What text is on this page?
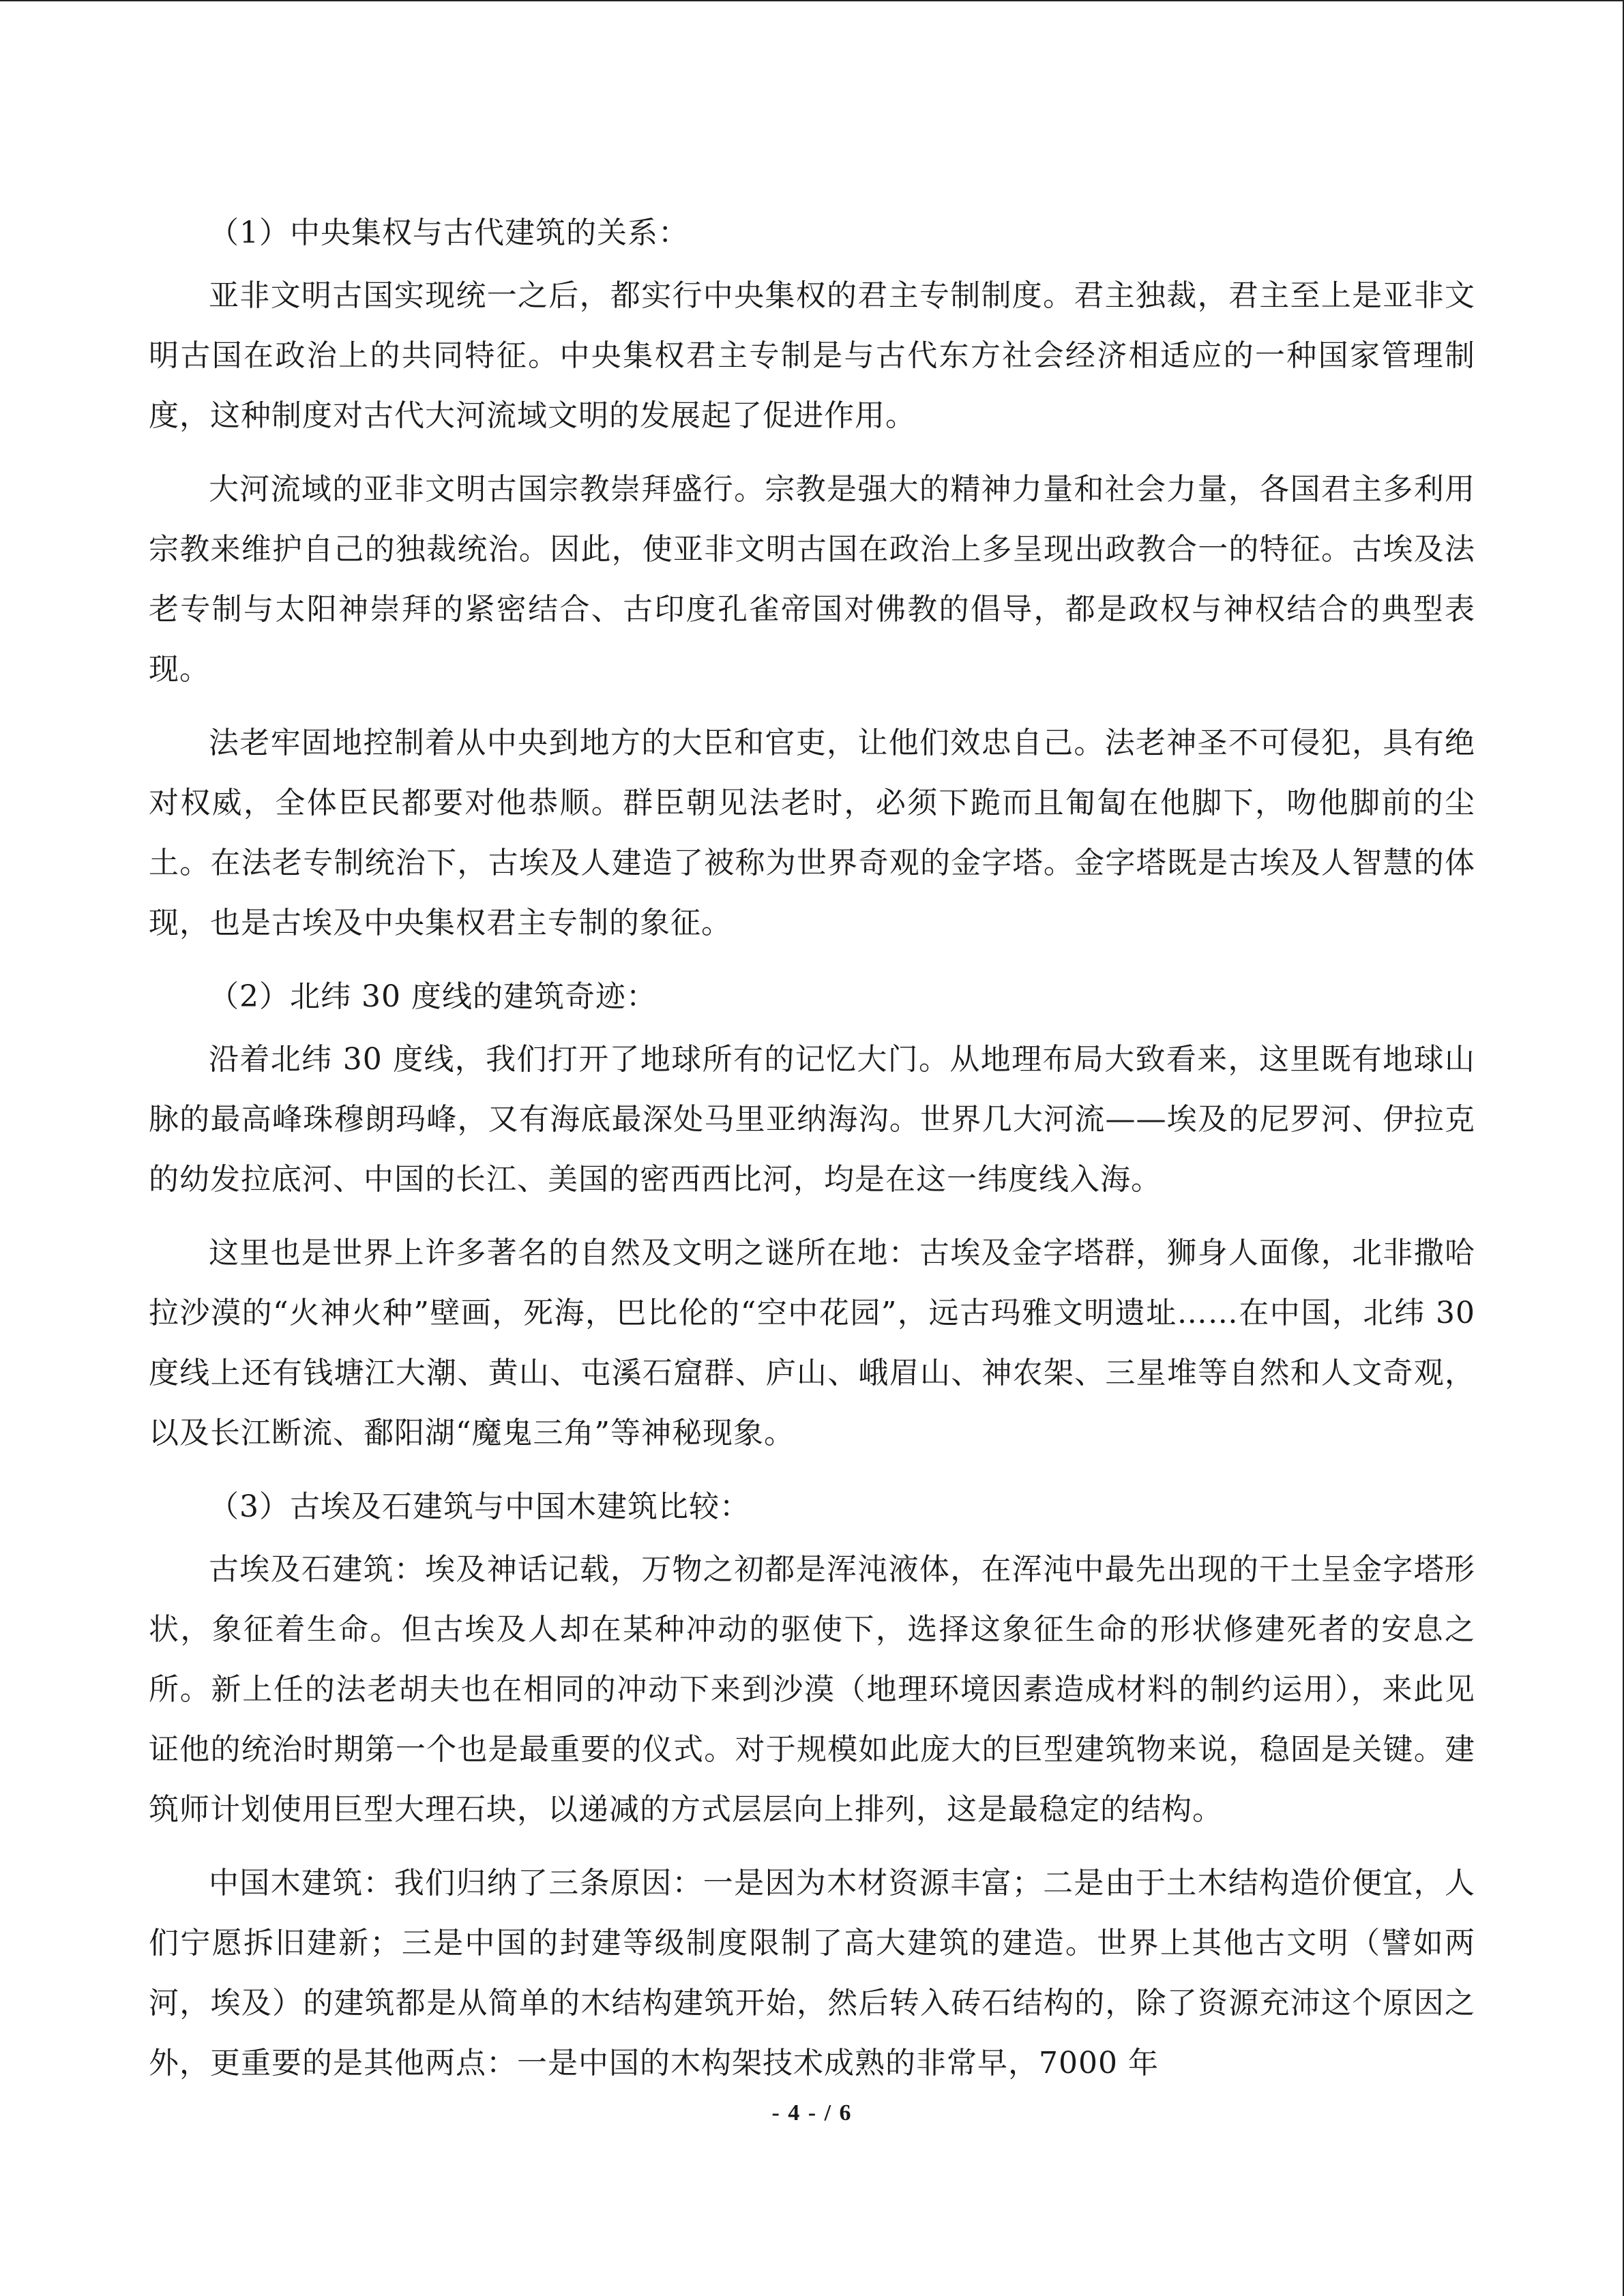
（1）中央集权与古代建筑的关系：

亚非文明古国实现统一之后，都实行中央集权的君主专制制度。君主独裁，君主至上是亚非文明古国在政治上的共同特征。中央集权君主专制是与古代东方社会经济相适应的一种国家管理制度，这种制度对古代大河流域文明的发展起了促进作用。

大河流域的亚非文明古国宗教崇拜盛行。宗教是强大的精神力量和社会力量，各国君主多利用宗教来维护自己的独裁统治。因此，使亚非文明古国在政治上多呈现出政教合一的特征。古埃及法老专制与太阳神崇拜的紧密结合、古印度孔雀帝国对佛教的倡导，都是政权与神权结合的典型表现。

法老牢固地控制着从中央到地方的大臣和官吏，让他们效忠自己。法老神圣不可侵犯，具有绝对权威，全体臣民都要对他恭顺。群臣朝见法老时，必须下跪而且匍匐在他脚下，吻他脚前的尘土。在法老专制统治下，古埃及人建造了被称为世界奇观的金字塔。金字塔既是古埃及人智慧的体现，也是古埃及中央集权君主专制的象征。

（2）北纬 30 度线的建筑奇迹：

沿着北纬 30 度线，我们打开了地球所有的记忆大门。从地理布局大致看来，这里既有地球山脉的最高峰珠穆朗玛峰，又有海底最深处马里亚纳海沟。世界几大河流——埃及的尼罗河、伊拉克的幼发拉底河、中国的长江、美国的密西西比河，均是在这一纬度线入海。

这里也是世界上许多著名的自然及文明之谜所在地：古埃及金字塔群，狮身人面像，北非撒哈拉沙漠的“火神火种”壁画，死海，巴比伦的“空中花园”，远古玛雅文明遗址……在中国，北纬 30 度线上还有钱塘江大潮、黄山、屯溪石窟群、庐山、峨眉山、神农架、三星堆等自然和人文奇观，以及长江断流、鄱阳湖“魔鬼三角”等神秘现象。

（3）古埃及石建筑与中国木建筑比较：

古埃及石建筑：埃及神话记载，万物之初都是浑沌液体，在浑沌中最先出现的干土呈金字塔形状，象征着生命。但古埃及人却在某种冲动的驱使下，选择这象征生命的形状修建死者的安息之所。新上任的法老胡夫也在相同的冲动下来到沙漠（地理环境因素造成材料的制约运用），来此见证他的统治时期第一个也是最重要的仪式。对于规模如此庞大的巨型建筑物来说，稳固是关键。建筑师计划使用巨型大理石块，以递减的方式层层向上排列，这是最稳定的结构。

中国木建筑：我们归纳了三条原因：一是因为木材资源丰富；二是由于土木结构造价便宜，人们宁愿拆旧建新；三是中国的封建等级制度限制了高大建筑的建造。世界上其他古文明（譬如两河，埃及）的建筑都是从简单的木结构建筑开始，然后转入砖石结构的，除了资源充沛这个原因之外，更重要的是其他两点：一是中国的木构架技术成熟的非常早，7000 年

- 4 - / 6
